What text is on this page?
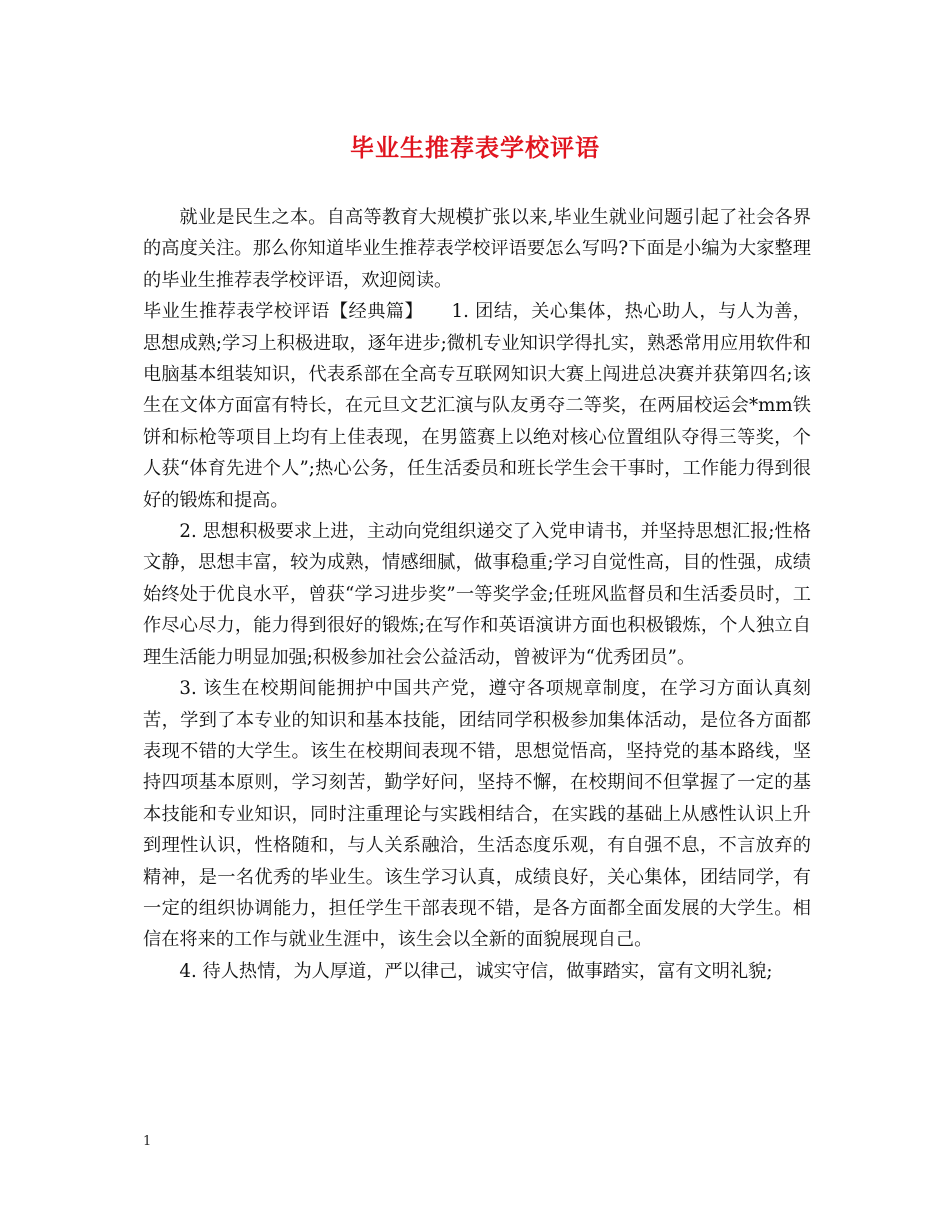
毕业生推荐表学校评语

就业是民生之本。自高等教育大规模扩张以来,毕业生就业问题引起了社会各界的高度关注。那么你知道毕业生推荐表学校评语要怎么写吗?下面是小编为大家整理的毕业生推荐表学校评语，欢迎阅读。

毕业生推荐表学校评语【经典篇】　　1. 团结，关心集体，热心助人，与人为善，思想成熟;学习上积极进取，逐年进步;微机专业知识学得扎实，熟悉常用应用软件和电脑基本组装知识，代表系部在全高专互联网知识大赛上闯进总决赛并获第四名;该生在文体方面富有特长，在元旦文艺汇演与队友勇夺二等奖，在两届校运会*mm铁饼和标枪等项目上均有上佳表现，在男篮赛上以绝对核心位置组队夺得三等奖，个人获“体育先进个人”;热心公务，任生活委员和班长学生会干事时，工作能力得到很好的锻炼和提高。

2. 思想积极要求上进，主动向党组织递交了入党申请书，并坚持思想汇报;性格文静，思想丰富，较为成熟，情感细腻，做事稳重;学习自觉性高，目的性强，成绩始终处于优良水平，曾获“学习进步奖”一等奖学金;任班风监督员和生活委员时，工作尽心尽力，能力得到很好的锻炼;在写作和英语演讲方面也积极锻炼，个人独立自理生活能力明显加强;积极参加社会公益活动，曾被评为“优秀团员”。

3. 该生在校期间能拥护中国共产党，遵守各项规章制度，在学习方面认真刻苦，学到了本专业的知识和基本技能，团结同学积极参加集体活动，是位各方面都表现不错的大学生。该生在校期间表现不错，思想觉悟高，坚持党的基本路线，坚持四项基本原则，学习刻苦，勤学好问，坚持不懈，在校期间不但掌握了一定的基本技能和专业知识，同时注重理论与实践相结合，在实践的基础上从感性认识上升到理性认识，性格随和，与人关系融洽，生活态度乐观，有自强不息，不言放弃的精神，是一名优秀的毕业生。该生学习认真，成绩良好，关心集体，团结同学，有一定的组织协调能力，担任学生干部表现不错，是各方面都全面发展的大学生。相信在将来的工作与就业生涯中，该生会以全新的面貌展现自己。

4. 待人热情，为人厚道，严以律己，诚实守信，做事踏实，富有文明礼貌;

1
